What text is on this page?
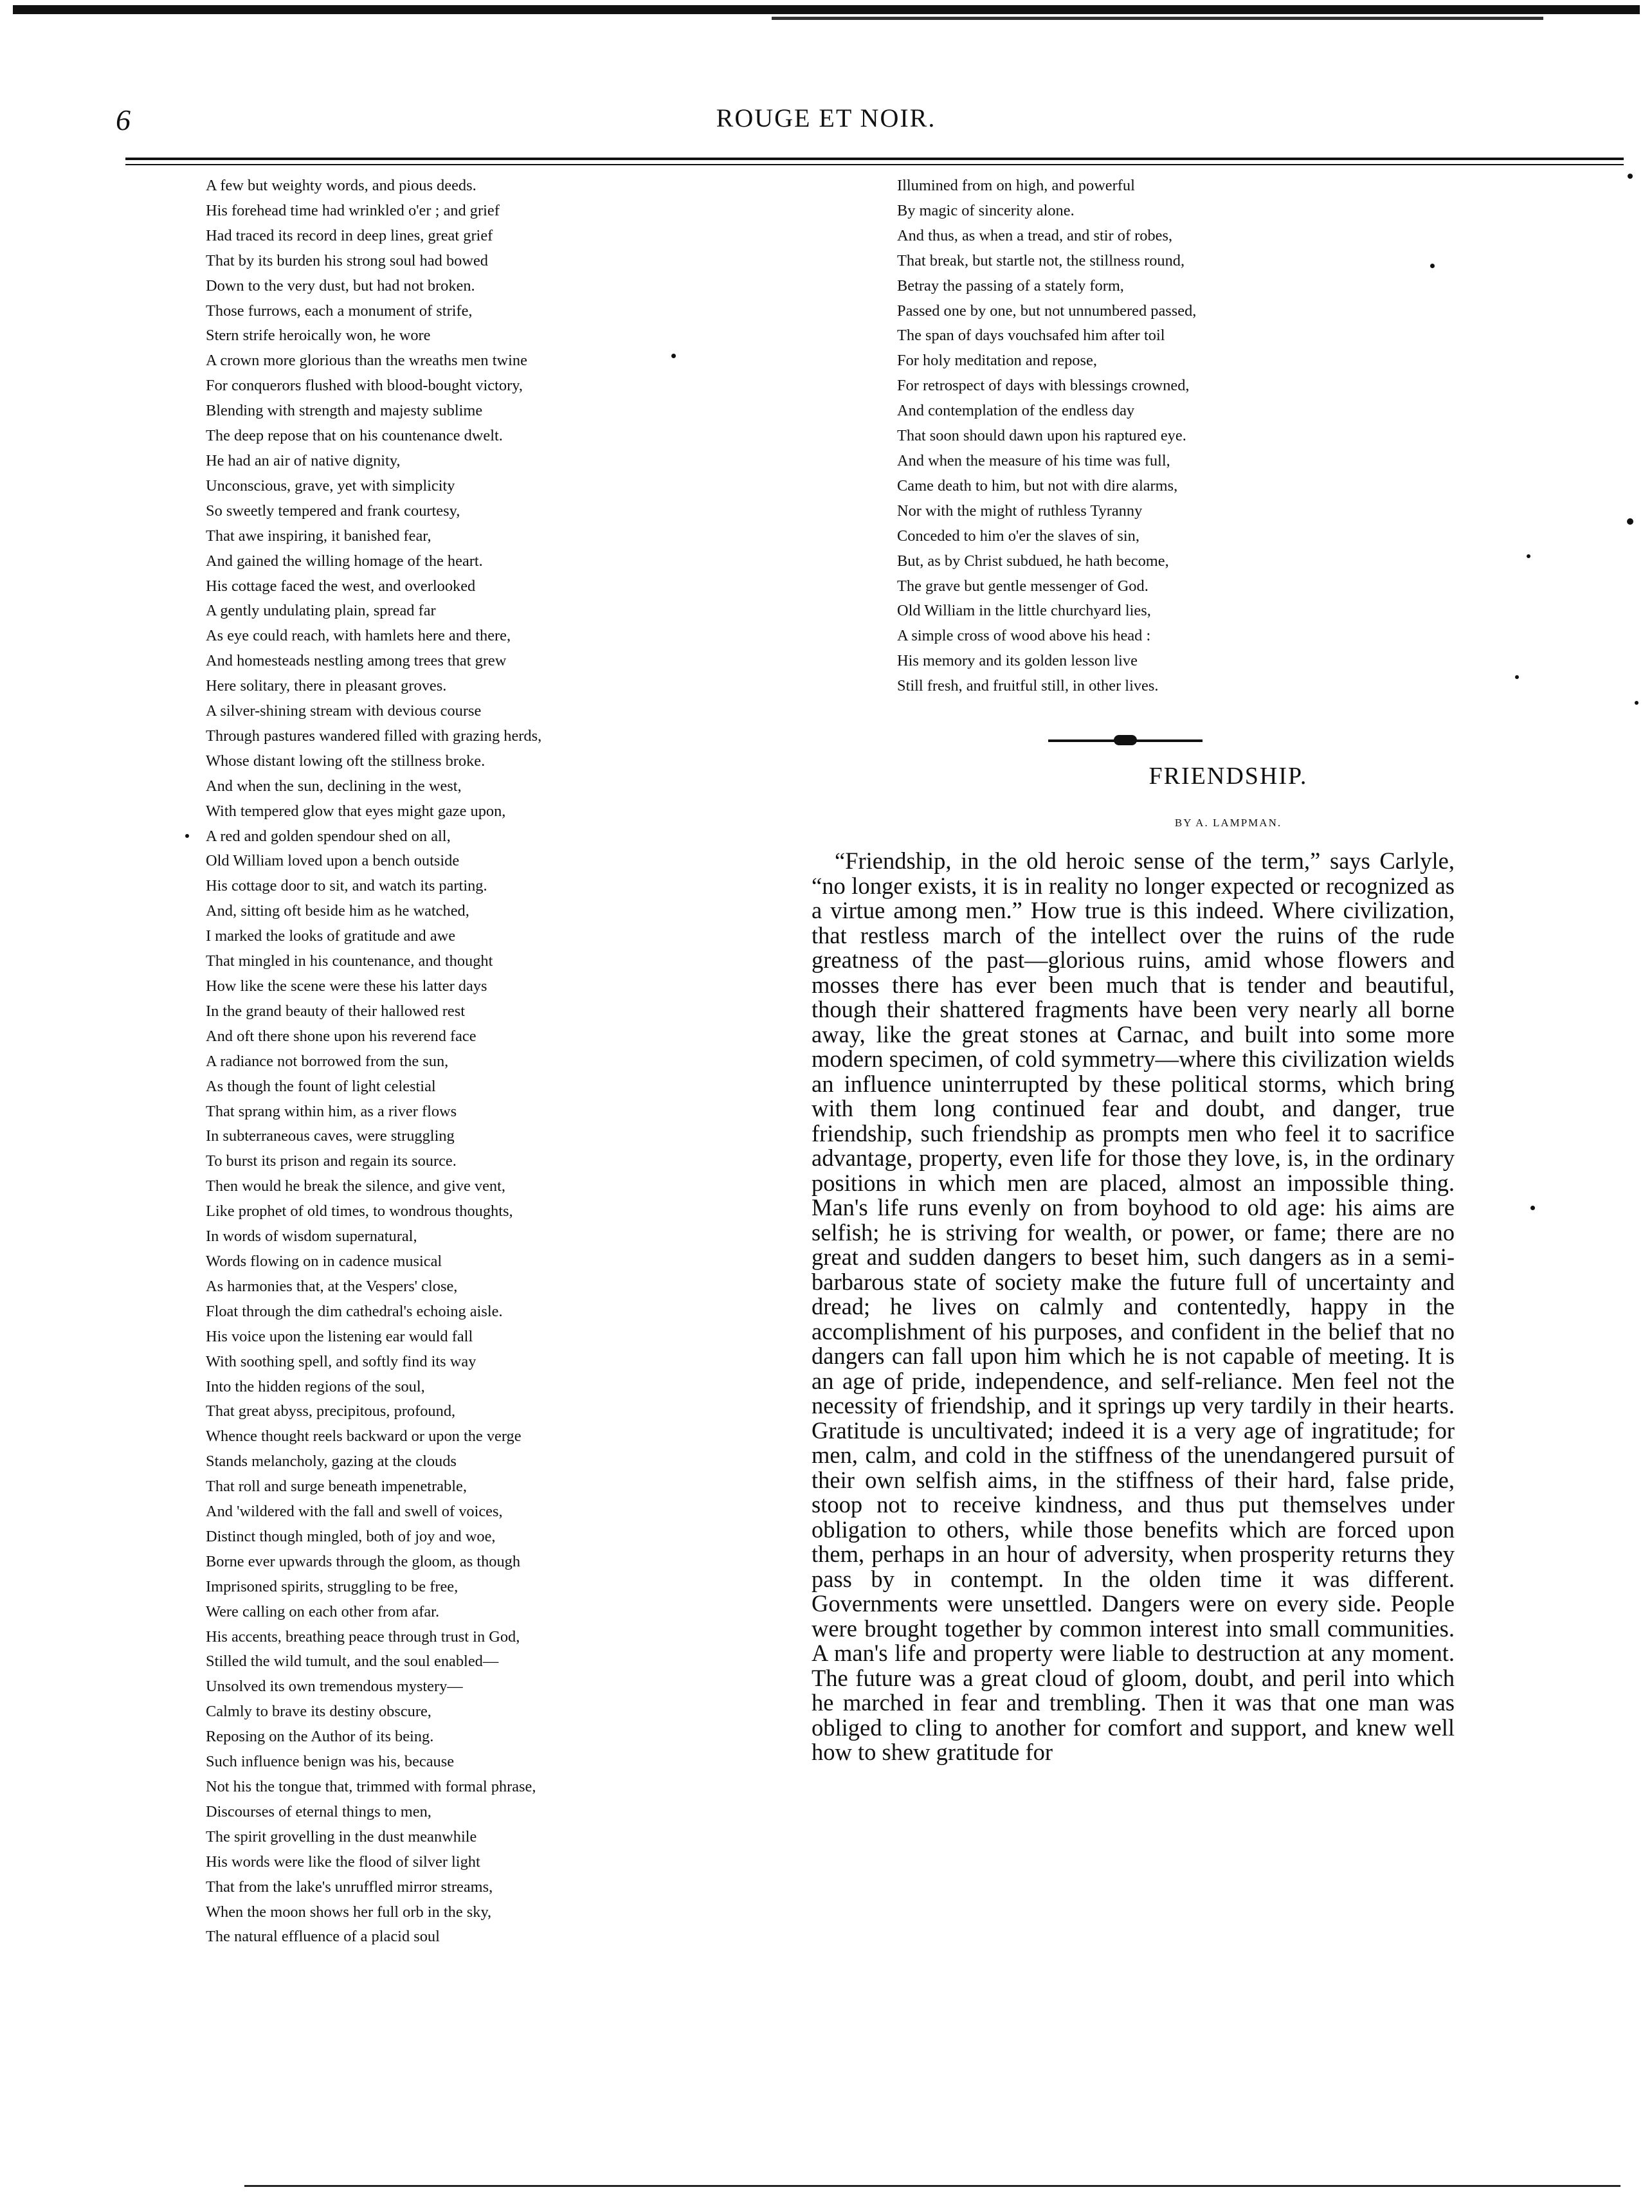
6	ROUGE ET NOIR.
A few but weighty words, and pious deeds.
His forehead time had wrinkled o'er ; and grief
Had traced its record in deep lines, great grief
That by its burden his strong soul had bowed
Down to the very dust, but had not broken.
Those furrows, each a monument of strife,
Stern strife heroically won, he wore
A crown more glorious than the wreaths men twine
For conquerors flushed with blood-bought victory,
Blending with strength and majesty sublime
The deep repose that on his countenance dwelt.
He had an air of native dignity,
Unconscious, grave, yet with simplicity
So sweetly tempered and frank courtesy,
That awe inspiring, it banished fear,
And gained the willing homage of the heart.
His cottage faced the west, and overlooked
A gently undulating plain, spread far
As eye could reach, with hamlets here and there,
And homesteads nestling among trees that grew
Here solitary, there in pleasant groves.
A silver-shining stream with devious course
Through pastures wandered filled with grazing herds,
Whose distant lowing oft the stillness broke.
And when the sun, declining in the west,
With tempered glow that eyes might gaze upon,
A red and golden spendour shed on all,
Old William loved upon a bench outside
His cottage door to sit, and watch its parting.
And, sitting oft beside him as he watched,
I marked the looks of gratitude and awe
That mingled in his countenance, and thought
How like the scene were these his latter days
In the grand beauty of their hallowed rest
And oft there shone upon his reverend face
A radiance not borrowed from the sun,
As though the fount of light celestial
That sprang within him, as a river flows
In subterraneous caves, were struggling
To burst its prison and regain its source.
Then would he break the silence, and give vent,
Like prophet of old times, to wondrous thoughts,
In words of wisdom supernatural,
Words flowing on in cadence musical
As harmonies that, at the Vespers' close,
Float through the dim cathedral's echoing aisle.
His voice upon the listening ear would fall
With soothing spell, and softly find its way
Into the hidden regions of the soul,
That great abyss, precipitous, profound,
Whence thought reels backward or upon the verge
Stands melancholy, gazing at the clouds
That roll and surge beneath impenetrable,
And 'wildered with the fall and swell of voices,
Distinct though mingled, both of joy and woe,
Borne ever upwards through the gloom, as though
Imprisoned spirits, struggling to be free,
Were calling on each other from afar.
His accents, breathing peace through trust in God,
Stilled the wild tumult, and the soul enabled—
Unsolved its own tremendous mystery—
Calmly to brave its destiny obscure,
Reposing on the Author of its being.
Such influence benign was his, because
Not his the tongue that, trimmed with formal phrase,
Discourses of eternal things to men,
The spirit grovelling in the dust meanwhile
His words were like the flood of silver light
That from the lake's unruffled mirror streams,
When the moon shows her full orb in the sky,
The natural effluence of a placid soul
Illumined from on high, and powerful
By magic of sincerity alone.
And thus, as when a tread, and stir of robes,
That break, but startle not, the stillness round,
Betray the passing of a stately form,
Passed one by one, but not unnumbered passed,
The span of days vouchsafed him after toil
For holy meditation and repose,
For retrospect of days with blessings crowned,
And contemplation of the endless day
That soon should dawn upon his raptured eye.
And when the measure of his time was full,
Came death to him, but not with dire alarms,
Nor with the might of ruthless Tyranny
Conceded to him o'er the slaves of sin,
But, as by Christ subdued, he hath become,
The grave but gentle messenger of God.
Old William in the little churchyard lies,
A simple cross of wood above his head :
His memory and its golden lesson live
Still fresh, and fruitful still, in other lives.
FRIENDSHIP.
BY A. LAMPMAN.

“Friendship, in the old heroic sense of the term,” says Carlyle, “no longer exists, it is in reality no longer expected or recognized as a virtue among men.” How true is this indeed. Where civilization, that restless march of the intellect over the ruins of the rude greatness of the past—glorious ruins, amid whose flowers and mosses there has ever been much that is tender and beautiful, though their shattered fragments have been very nearly all borne away, like the great stones at Carnac, and built into some more modern specimen, of cold symmetry—where this civilization wields an influence uninterrupted by these political storms, which bring with them long continued fear and doubt, and danger, true friendship, such friendship as prompts men who feel it to sacrifice advantage, property, even life for those they love, is, in the ordinary positions in which men are placed, almost an impossible thing. Man's life runs evenly on from boyhood to old age: his aims are selfish; he is striving for wealth, or power, or fame; there are no great and sudden dangers to beset him, such dangers as in a semi-barbarous state of society make the future full of uncertainty and dread; he lives on calmly and contentedly, happy in the accomplishment of his purposes, and confident in the belief that no dangers can fall upon him which he is not capable of meeting. It is an age of pride, independence, and self-reliance. Men feel not the necessity of friendship, and it springs up very tardily in their hearts. Gratitude is uncultivated; indeed it is a very age of ingratitude; for men, calm, and cold in the stiffness of the unendangered pursuit of their own selfish aims, in the stiffness of their hard, false pride, stoop not to receive kindness, and thus put themselves under obligation to others, while those benefits which are forced upon them, perhaps in an hour of adversity, when prosperity returns they pass by in contempt. In the olden time it was different. Governments were unsettled. Dangers were on every side. People were brought together by common interest into small communities. A man's life and property were liable to destruction at any moment. The future was a great cloud of gloom, doubt, and peril into which he marched in fear and trembling. Then it was that one man was obliged to cling to another for comfort and support, and knew well how to shew gratitude for
